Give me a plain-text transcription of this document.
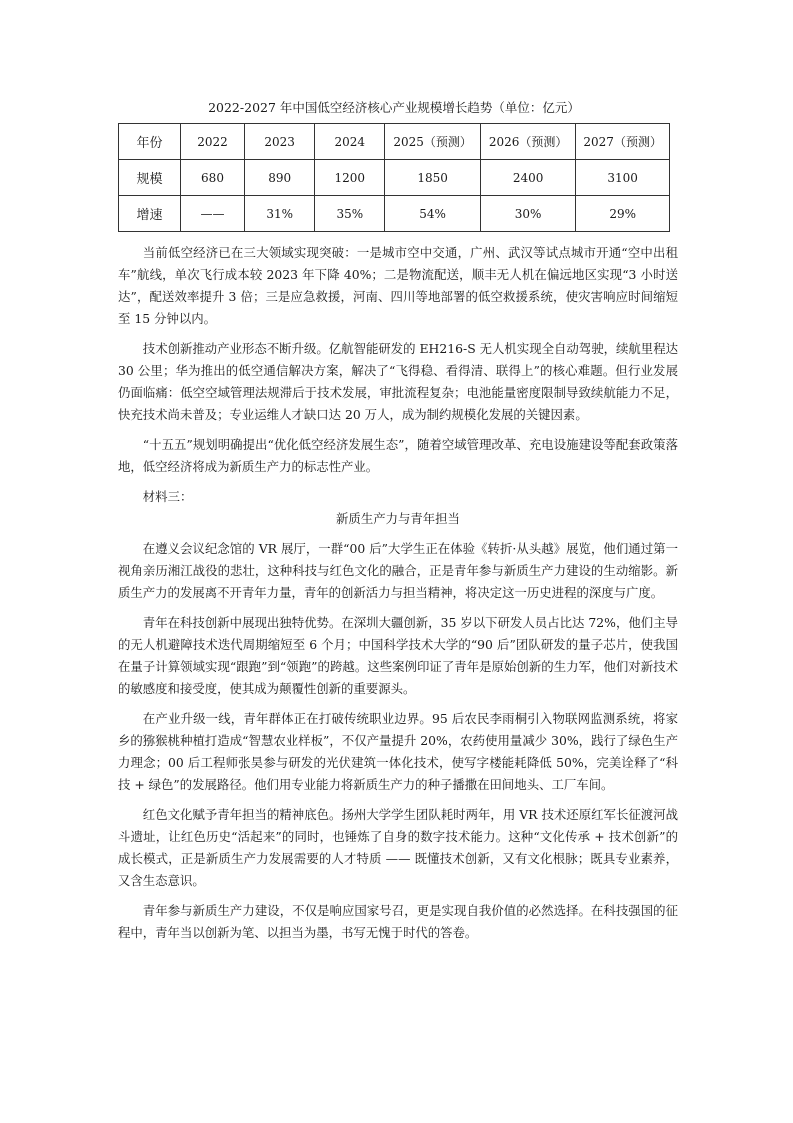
2022-2027 年中国低空经济核心产业规模增长趋势（单位：亿元）
年份	2022	2023	2024	2025（预测）	2026（预测）	2027（预测）
规模	680	890	1200	1850	2400	3100
增速	——	31%	35%	54%	30%	29%

当前低空经济已在三大领域实现突破：一是城市空中交通，广州、武汉等试点城市开通“空中出租车”航线，单次飞行成本较 2023 年下降 40%；二是物流配送，顺丰无人机在偏远地区实现“3 小时送达”，配送效率提升 3 倍；三是应急救援，河南、四川等地部署的低空救援系统，使灾害响应时间缩短至 15 分钟以内。

技术创新推动产业形态不断升级。亿航智能研发的 EH216-S 无人机实现全自动驾驶，续航里程达 30 公里；华为推出的低空通信解决方案，解决了“飞得稳、看得清、联得上”的核心难题。但行业发展仍面临痛：低空空域管理法规滞后于技术发展，审批流程复杂；电池能量密度限制导致续航能力不足，快充技术尚未普及；专业运维人才缺口达 20 万人，成为制约规模化发展的关键因素。

“十五五”规划明确提出“优化低空经济发展生态”，随着空域管理改革、充电设施建设等配套政策落地，低空经济将成为新质生产力的标志性产业。

材料三：

新质生产力与青年担当

在遵义会议纪念馆的 VR 展厅，一群“00 后”大学生正在体验《转折·从头越》展览，他们通过第一视角亲历湘江战役的悲壮，这种科技与红色文化的融合，正是青年参与新质生产力建设的生动缩影。新质生产力的发展离不开青年力量，青年的创新活力与担当精神，将决定这一历史进程的深度与广度。

青年在科技创新中展现出独特优势。在深圳大疆创新，35 岁以下研发人员占比达 72%，他们主导的无人机避障技术迭代周期缩短至 6 个月；中国科学技术大学的“90 后”团队研发的量子芯片，使我国在量子计算领域实现“跟跑”到“领跑”的跨越。这些案例印证了青年是原始创新的生力军，他们对新技术的敏感度和接受度，使其成为颠覆性创新的重要源头。

在产业升级一线，青年群体正在打破传统职业边界。95 后农民李雨桐引入物联网监测系统，将家乡的猕猴桃种植打造成“智慧农业样板”，不仅产量提升 20%，农药使用量减少 30%，践行了绿色生产力理念；00 后工程师张昊参与研发的光伏建筑一体化技术，使写字楼能耗降低 50%，完美诠释了“科技 + 绿色”的发展路径。他们用专业能力将新质生产力的种子播撒在田间地头、工厂车间。

红色文化赋予青年担当的精神底色。扬州大学学生团队耗时两年，用 VR 技术还原红军长征渡河战斗遗址，让红色历史“活起来”的同时，也锤炼了自身的数字技术能力。这种“文化传承 + 技术创新”的成长模式，正是新质生产力发展需要的人才特质 —— 既懂技术创新，又有文化根脉；既具专业素养，又含生态意识。

青年参与新质生产力建设，不仅是响应国家号召，更是实现自我价值的必然选择。在科技强国的征程中，青年当以创新为笔、以担当为墨，书写无愧于时代的答卷。
